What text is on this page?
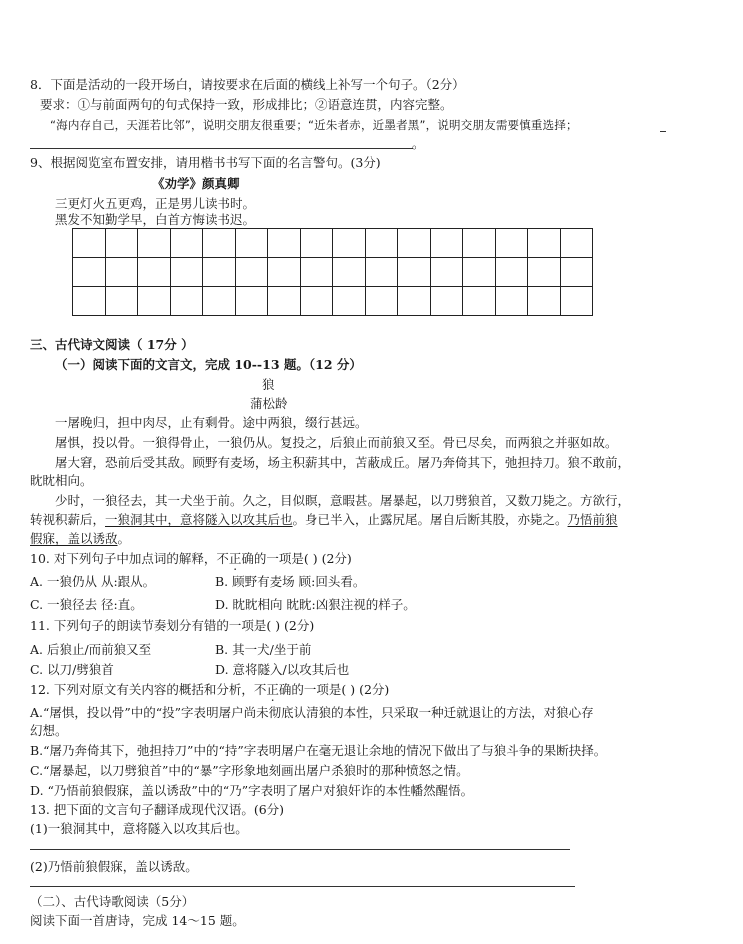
8．下面是活动的一段开场白，请按要求在后面的横线上补写一个句子。（2分）
要求：①与前面两句的句式保持一致，形成排比；②语意连贯，内容完整。
“海内存自己，天涯若比邻”，说明交朋友很重要；“近朱者赤，近墨者黑”，说明交朋友需要慎重选择；
。
9、根据阅览室布置安排，请用楷书书写下面的名言警句。(3分)
《劝学》颜真卿
三更灯火五更鸡，正是男儿读书时。
黑发不知勤学早，白首方悔读书迟。

三、古代诗文阅读（ 17分 ）
（一）阅读下面的文言文，完成 10--13 题。（12 分）
狼
蒲松龄
一屠晚归，担中肉尽，止有剩骨。途中两狼，缀行甚远。
屠惧，投以骨。一狼得骨止，一狼仍从。复投之，后狼止而前狼又至。骨已尽矣，而两狼之并驱如故。
屠大窘，恐前后受其敌。顾野有麦场，场主积薪其中，苫蔽成丘。屠乃奔倚其下，弛担持刀。狼不敢前，
眈眈相向。
少时，一狼径去，其一犬坐于前。久之，目似瞑，意暇甚。屠暴起，以刀劈狼首，又数刀毙之。方欲行，
转视积薪后，一狼洞其中，意将隧入以攻其后也。身已半入，止露尻尾。屠自后断其股，亦毙之。乃悟前狼
假寐，盖以诱敌。
10. 对下列句子中加点词的解释，不正确的一项是( ) (2分)
A. 一狼仍从 从:跟从。	B. 顾野有麦场 顾:回头看。
C. 一狼径去 径:直。	D. 眈眈相向 眈眈:凶狠注视的样子。
11. 下列句子的朗读节奏划分有错的一项是( ) (2分)
A. 后狼止/而前狼又至	B. 其一犬/坐于前
C. 以刀/劈狼首	D. 意将隧入/以攻其后也
12. 下列对原文有关内容的概括和分析，不正确的一项是( ) (2分)
A.“屠惧，投以骨”中的“投”字表明屠户尚未彻底认清狼的本性，只采取一种迁就退让的方法，对狼心存
幻想。
B.“屠乃奔倚其下，弛担持刀”中的“持”字表明屠户在毫无退让余地的情况下做出了与狼斗争的果断抉择。
C.“屠暴起，以刀劈狼首”中的“暴”字形象地刻画出屠户杀狼时的那种愤怒之情。
D. “乃悟前狼假寐，盖以诱敌”中的“乃”字表明了屠户对狼奸诈的本性幡然醒悟。
13. 把下面的文言句子翻译成现代汉语。(6分)
(1)一狼洞其中，意将隧入以攻其后也。
(2)乃悟前狼假寐，盖以诱敌。
（二）、古代诗歌阅读（5分）
阅读下面一首唐诗，完成 14～15 题。
